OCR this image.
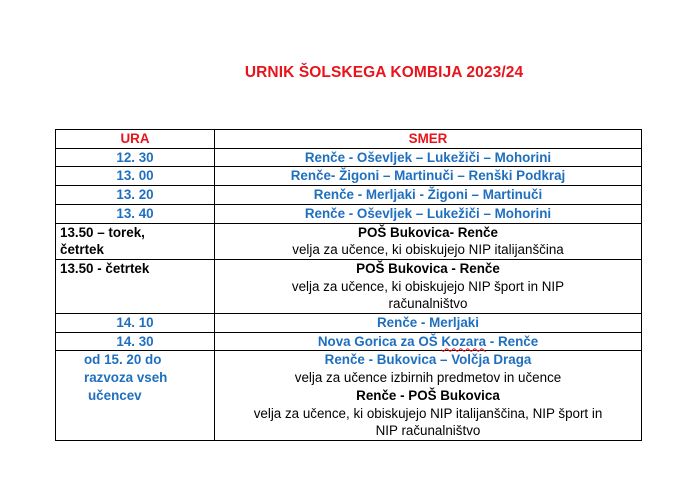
URNIK ŠOLSKEGA KOMBIJA 2023/24
URA	SMER
12. 30	Renče - Oševljek – Lukežiči – Mohorini
13. 00	Renče- Žigoni – Martinuči – Renški Podkraj
13. 20	Renče - Merljaki - Žigoni – Martinuči
13. 40	Renče - Oševljek – Lukežiči – Mohorini

13.50 – torek,
četrtek	POŠ Bukovica- Renče
velja za učence, ki obiskujejo NIP italijanščina

13.50 - četrtek	POŠ Bukovica - Renče
velja za učence, ki obiskujejo NIP šport in NIP
računalništvo

14. 10	Renče - Merljaki
14. 30	Nova Gorica za OŠ Kozara - Renče

od 15. 20 do
razvoza vseh
učencev	Renče - Bukovica – Volčja Draga
velja za učence izbirnih predmetov in učence
Renče - POŠ Bukovica
velja za učence, ki obiskujejo NIP italijanščina, NIP šport in
NIP računalništvo
